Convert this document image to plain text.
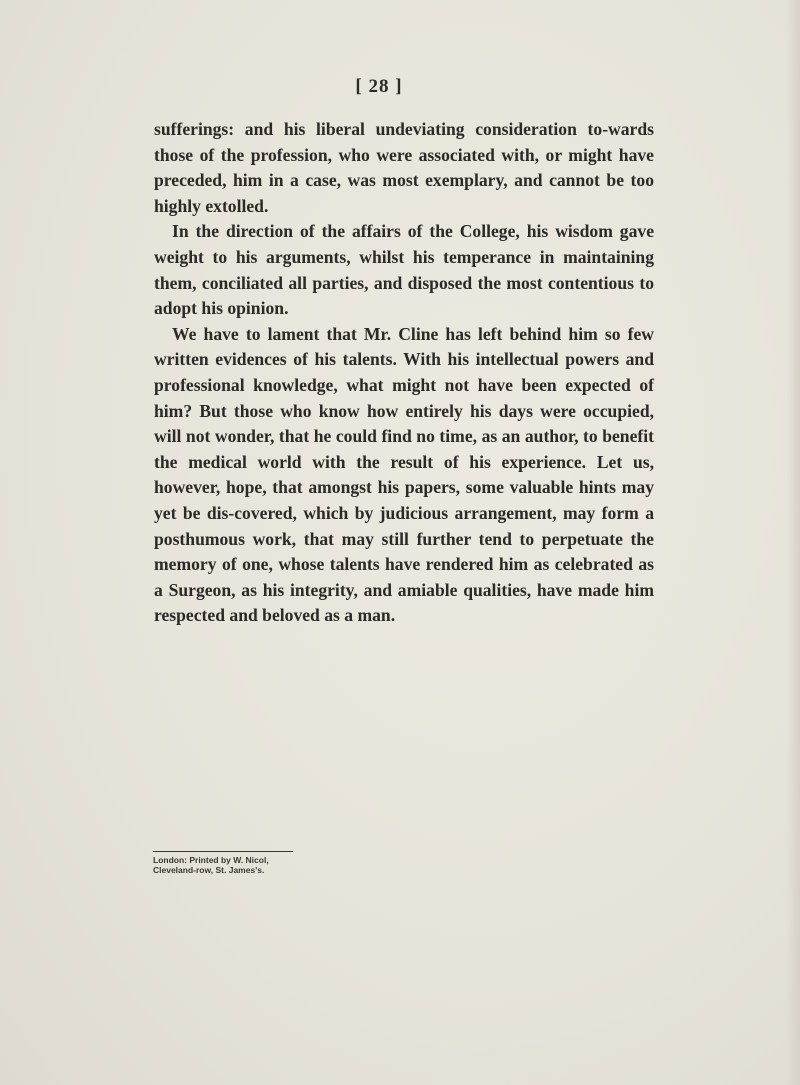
[ 28 ]

sufferings: and his liberal undeviating consideration to-wards those of the profession, who were associated with, or might have preceded, him in a case, was most exemplary, and cannot be too highly extolled.

In the direction of the affairs of the College, his wisdom gave weight to his arguments, whilst his temperance in maintaining them, conciliated all parties, and disposed the most contentious to adopt his opinion.

We have to lament that Mr. Cline has left behind him so few written evidences of his talents. With his intellectual powers and professional knowledge, what might not have been expected of him? But those who know how entirely his days were occupied, will not wonder, that he could find no time, as an author, to benefit the medical world with the result of his experience. Let us, however, hope, that amongst his papers, some valuable hints may yet be dis-covered, which by judicious arrangement, may form a posthumous work, that may still further tend to perpetuate the memory of one, whose talents have rendered him as celebrated as a Surgeon, as his integrity, and amiable qualities, have made him respected and beloved as a man.

London: Printed by W. Nicol,
Cleveland-row, St. James's.
